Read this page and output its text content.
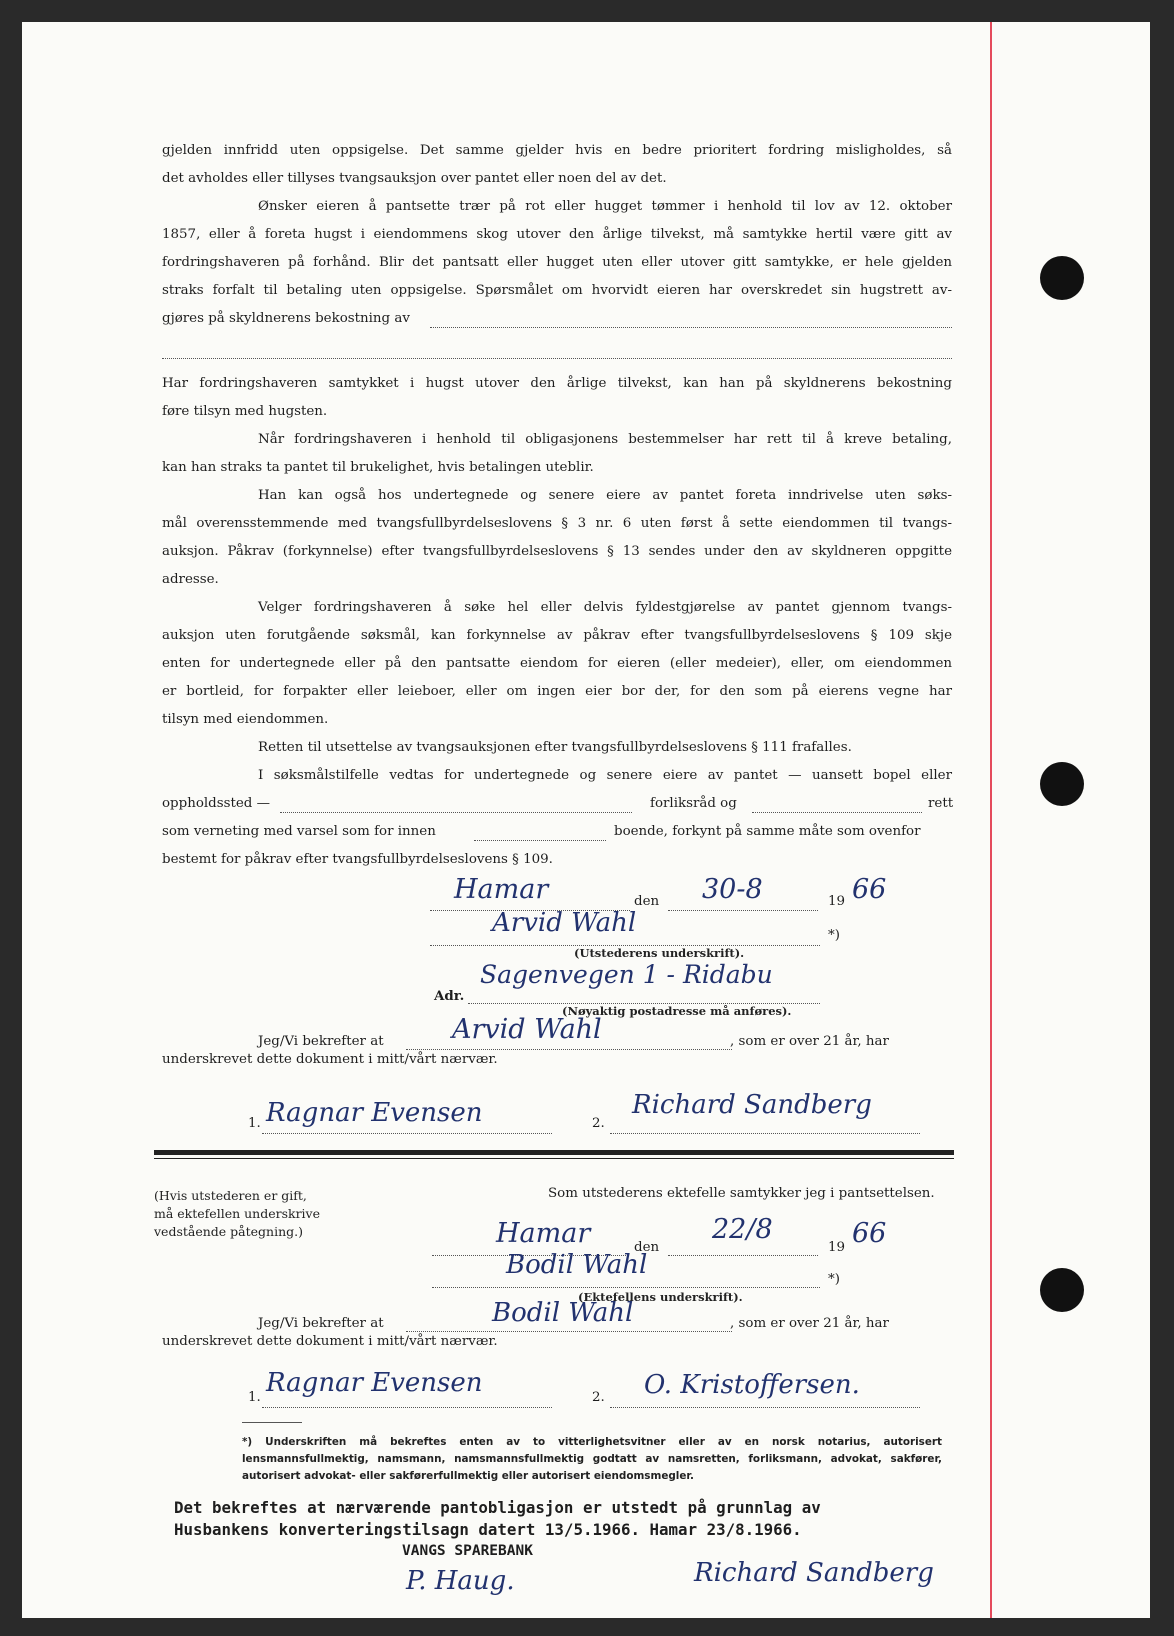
gjelden innfridd uten oppsigelse. Det samme gjelder hvis en bedre prioritert fordring misligholdes, så
det avholdes eller tillyses tvangsauksjon over pantet eller noen del av det.
Ønsker eieren å pantsette trær på rot eller hugget tømmer i henhold til lov av 12. oktober
1857, eller å foreta hugst i eiendommens skog utover den årlige tilvekst, må samtykke hertil være gitt av
fordringshaveren på forhånd. Blir det pantsatt eller hugget uten eller utover gitt samtykke, er hele gjelden
straks forfalt til betaling uten oppsigelse. Spørsmålet om hvorvidt eieren har overskredet sin hugstrett av-
gjøres på skyldnerens bekostning av
Har fordringshaveren samtykket i hugst utover den årlige tilvekst, kan han på skyldnerens bekostning
føre tilsyn med hugsten.
Når fordringshaveren i henhold til obligasjonens bestemmelser har rett til å kreve betaling,
kan han straks ta pantet til brukelighet, hvis betalingen uteblir.
Han kan også hos undertegnede og senere eiere av pantet foreta inndrivelse uten søks-
mål overensstemmende med tvangsfullbyrdelseslovens § 3 nr. 6 uten først å sette eiendommen til tvangs-
auksjon. Påkrav (forkynnelse) efter tvangsfullbyrdelseslovens § 13 sendes under den av skyldneren oppgitte
adresse.
Velger fordringshaveren å søke hel eller delvis fyldestgjørelse av pantet gjennom tvangs-
auksjon uten forutgående søksmål, kan forkynnelse av påkrav efter tvangsfullbyrdelseslovens § 109 skje
enten for undertegnede eller på den pantsatte eiendom for eieren (eller medeier), eller, om eiendommen
er bortleid, for forpakter eller leieboer, eller om ingen eier bor der, for den som på eierens vegne har
tilsyn med eiendommen.
Retten til utsettelse av tvangsauksjonen efter tvangsfullbyrdelseslovens § 111 frafalles.
I søksmålstilfelle vedtas for undertegnede og senere eiere av pantet — uansett bopel eller
oppholdssted —	forliksråd og	rett
som verneting med varsel som for innen	boende, forkynt på samme måte som ovenfor
bestemt for påkrav efter tvangsfullbyrdelseslovens § 109.
Hamar	den 30-8	19 66
Arvid Wahl	*)
(Utstederens underskrift).
Adr.
Sagenvegen 1 - Ridabu
(Nøyaktig postadresse må anføres).
Jeg/Vi bekrefter at	Arvid Wahl	, som er over 21 år, har
underskrevet dette dokument i mitt/vårt nærvær.
1. Ragnar Evensen	2.
Richard Sandberg
(Hvis utstederen er gift,
må ektefellen underskrive
vedstående påtegning.)
Som utstederens ektefelle samtykker jeg i pantsettelsen.
Hamar	den
22/8
19 66
Bodil Wahl	*)
(Ektefellens underskrift).
Jeg/Vi bekrefter at	Bodil Wahl	, som er over 21 år, har
underskrevet dette dokument i mitt/vårt nærvær.
1. Ragnar Evensen	2. O. Kristoffersen.
*) Underskriften må bekreftes enten av to vitterlighetsvitner eller av en norsk notarius, autorisert lensmannsfullmektig, namsmann, namsmannsfullmektig godtatt av namsretten, forliksmann, advokat, sakfører, autorisert advokat- eller sakførerfullmektig eller autorisert eiendomsmegler.
Det bekreftes at nærværende pantobligasjon er utstedt på grunnlag av
Husbankens konverteringstilsagn datert 13/5.1966. Hamar 23/8.1966.
VANGS SPAREBANK
P. Haug.	Richard Sandberg
